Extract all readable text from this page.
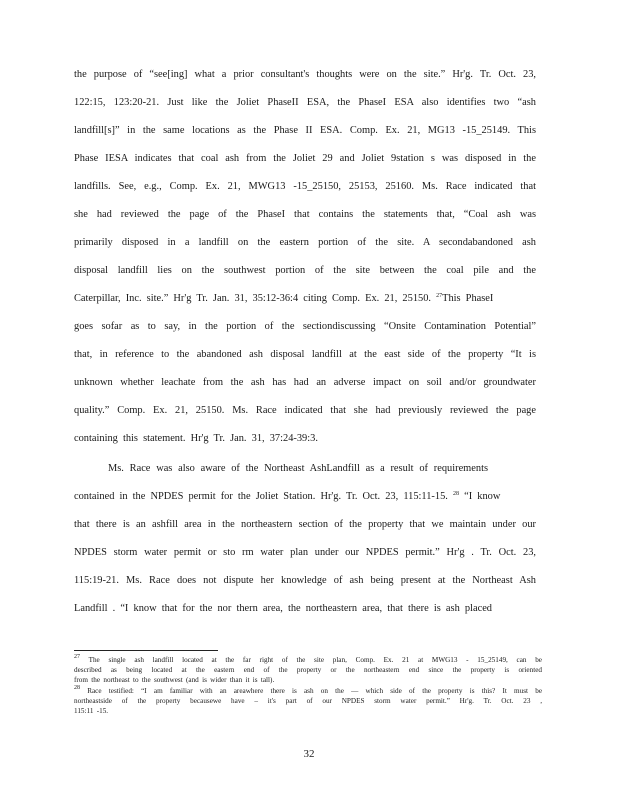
the purpose of “see[ing] what a prior consultant's thoughts were on the site.” Hr'g. Tr. Oct. 23,
122:15, 123:20-21. Just like the Joliet PhaseII ESA, the PhaseI ESA also identifies two “ash
landfill[s]” in the same locations as the Phase II ESA. Comp. Ex. 21, MG13 -15_25149. This
Phase IESA indicates that coal ash from the Joliet 29 and Joliet 9station s was disposed in the
landfills. See, e.g., Comp. Ex. 21, MWG13 -15_25150, 25153, 25160. Ms. Race indicated that
she had reviewed the page of the PhaseI that contains the statements that, “Coal ash was
primarily disposed in a landfill on the eastern portion of the site. A secondabandoned ash
disposal landfill lies on the southwest portion of the site between the coal pile and the
Caterpillar, Inc. site.” Hr'g Tr. Jan. 31, 35:12-36:4 citing Comp. Ex. 21, 25150. $^{27}$This PhaseI
goes sofar as to say, in the portion of the sectiondiscussing “Onsite Contamination Potential”
that, in reference to the abandoned ash disposal landfill at the east side of the property “It is
unknown whether leachate from the ash has had an adverse impact on soil and/or groundwater
quality.” Comp. Ex. 21, 25150. Ms. Race indicated that she had previously reviewed the page
containing this statement. Hr'g Tr. Jan. 31, 37:24-39:3.
Ms. Race was also aware of the Northeast AshLandfill as a result of requirements
contained in the NPDES permit for the Joliet Station. Hr'g. Tr. Oct. 23, 115:11-15. $^{28}$ “I know
that there is an ashfill area in the northeastern section of the property that we maintain under our
NPDES storm water permit or sto rm water plan under our NPDES permit.” Hr'g . Tr. Oct. 23,
115:19-21. Ms. Race does not dispute her knowledge of ash being present at the Northeast Ash
Landfill . “I know that for the nor thern area, the northeastern area, that there is ash placed
$^{27}$ The single ash landfill located at the far right of the site plan, Comp. Ex. 21 at MWG13 - 15_25149, can be
described as being located at the eastern end of the property or the northeastern end since the property is oriented
from the northeast to the southwest (and is wider than it is tall).
$^{28}$ Race testified: “I am familiar with an areawhere there is ash on the — which side of the property is this? It must be
northeastside of the property becausewe have – it's part of our NPDES storm water permit.” Hr'g. Tr. Oct. 23 ,
115:11 -15.
32
